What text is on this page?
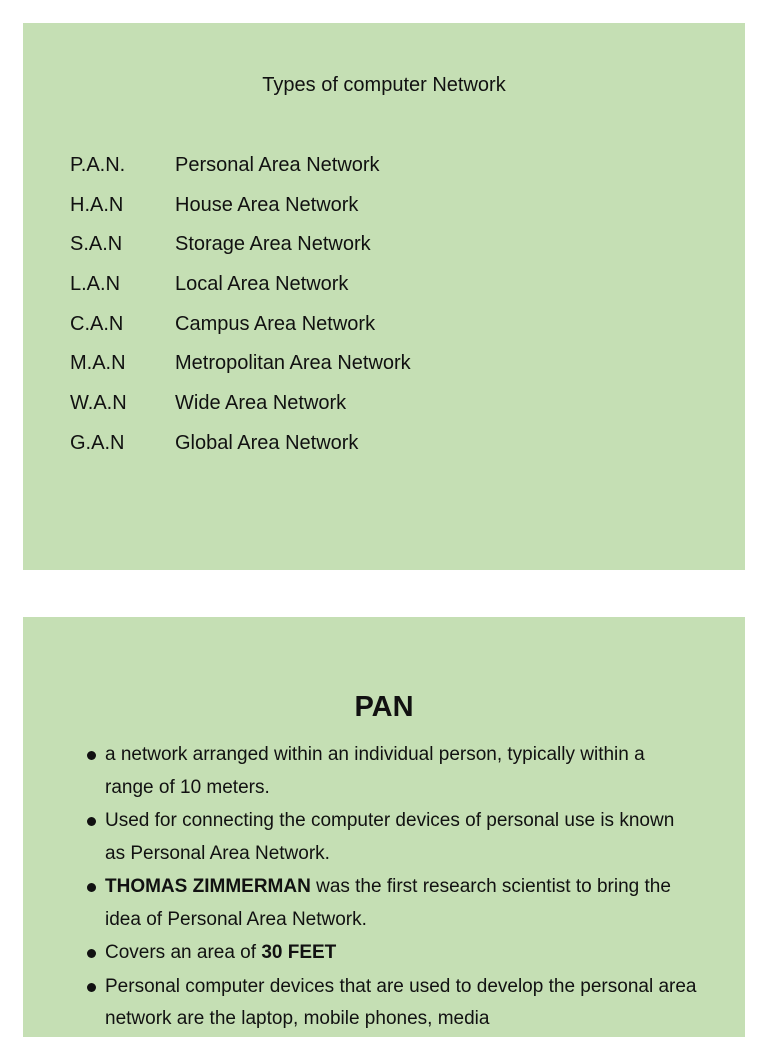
Types of computer Network
P.A.N.	Personal Area Network
H.A.N	House Area Network
S.A.N	Storage Area Network
L.A.N	Local Area Network
C.A.N	Campus Area Network
M.A.N	Metropolitan Area Network
W.A.N	Wide Area Network
G.A.N	Global Area Network
PAN
a network arranged within an individual person, typically within a range of 10 meters.
Used for connecting the computer devices of personal use is known as Personal Area Network.
THOMAS ZIMMERMAN was the first research scientist to bring the idea of Personal Area Network.
Covers an area of 30 FEET
Personal computer devices that are used to develop the personal area network are the laptop, mobile phones, media
